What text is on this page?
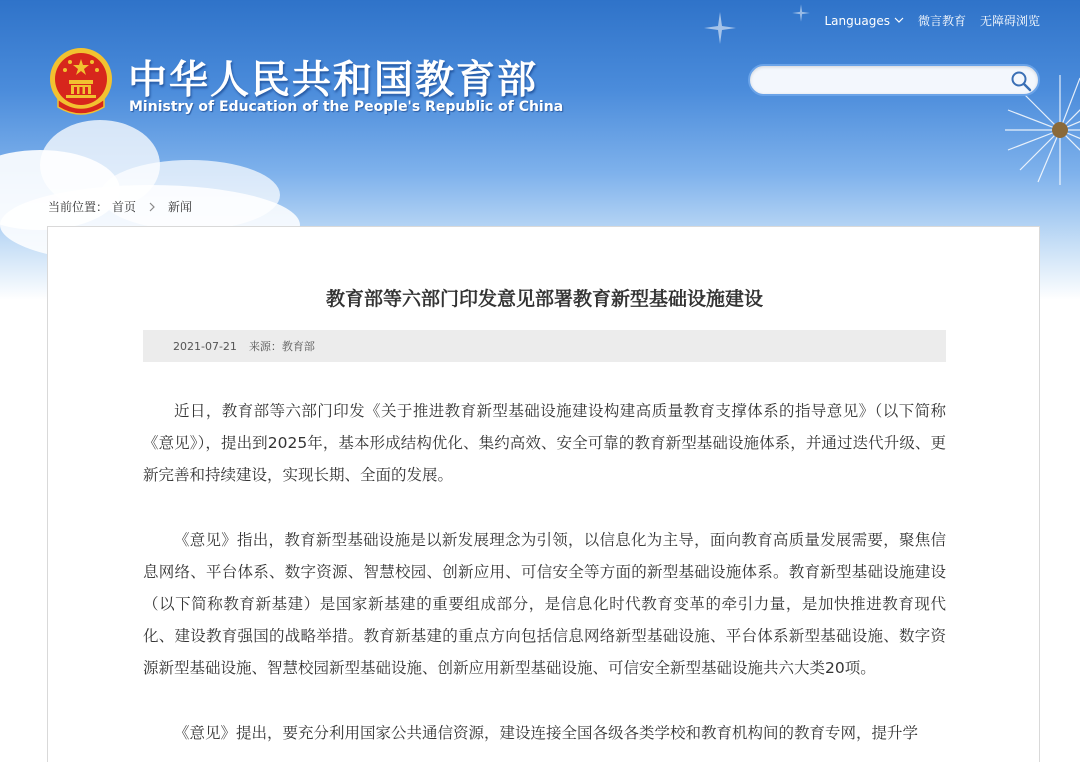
Languages 微言教育 无障碍浏览
中华人民共和国教育部
Ministry of Education of the People's Republic of China
当前位置： 首页	新闻
教育部等六部门印发意见部署教育新型基础设施建设
2021-07-21 来源：教育部

近日，教育部等六部门印发《关于推进教育新型基础设施建设构建高质量教育支撑体系的指导意见》（以下简称《意见》），提出到2025年，基本形成结构优化、集约高效、安全可靠的教育新型基础设施体系，并通过迭代升级、更新完善和持续建设，实现长期、全面的发展。

《意见》指出，教育新型基础设施是以新发展理念为引领，以信息化为主导，面向教育高质量发展需要，聚焦信息网络、平台体系、数字资源、智慧校园、创新应用、可信安全等方面的新型基础设施体系。教育新型基础设施建设（以下简称教育新基建）是国家新基建的重要组成部分，是信息化时代教育变革的牵引力量，是加快推进教育现代化、建设教育强国的战略举措。教育新基建的重点方向包括信息网络新型基础设施、平台体系新型基础设施、数字资源新型基础设施、智慧校园新型基础设施、创新应用新型基础设施、可信安全新型基础设施共六大类20项。

《意见》提出，要充分利用国家公共通信资源，建设连接全国各级各类学校和教育机构间的教育专网，提升学
